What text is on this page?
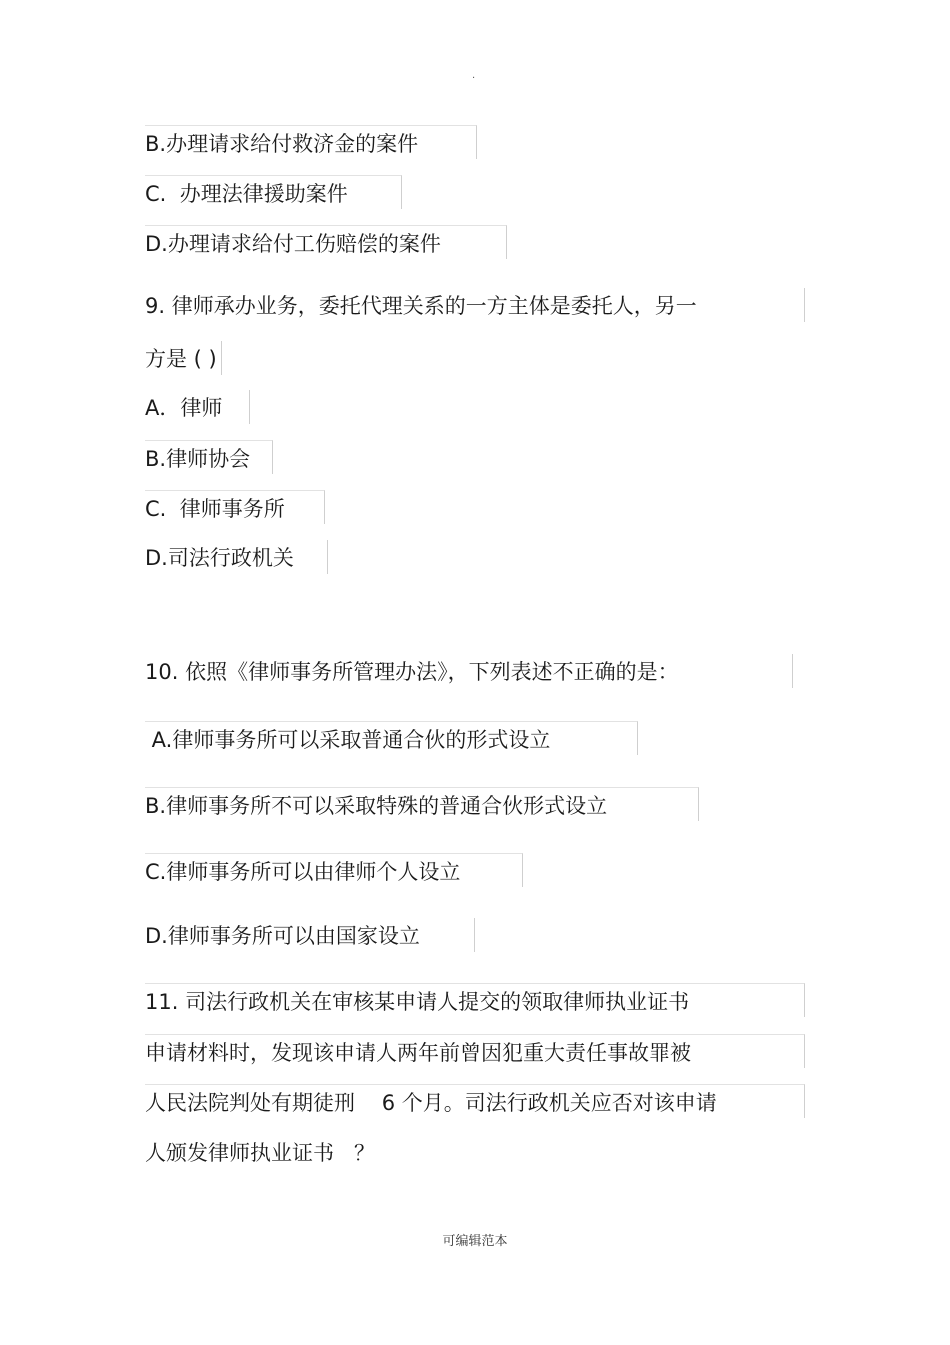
.
B.办理请求给付救济金的案件
C.  办理法律援助案件
D.办理请求给付工伤赔偿的案件
9. 律师承办业务，委托代理关系的一方主体是委托人，另一
方是 ( )
A．律师
B.律师协会
C.  律师事务所
D.司法行政机关
10. 依照《律师事务所管理办法》，下列表述不正确的是：
A.律师事务所可以采取普通合伙的形式设立
B.律师事务所不可以采取特殊的普通合伙形式设立
C.律师事务所可以由律师个人设立
D.律师事务所可以由国家设立
11. 司法行政机关在审核某申请人提交的领取律师执业证书
申请材料时，发现该申请人两年前曾因犯重大责任事故罪被
人民法院判处有期徒刑    6 个月。司法行政机关应否对该申请
人颁发律师执业证书   ？
可编辑范本
